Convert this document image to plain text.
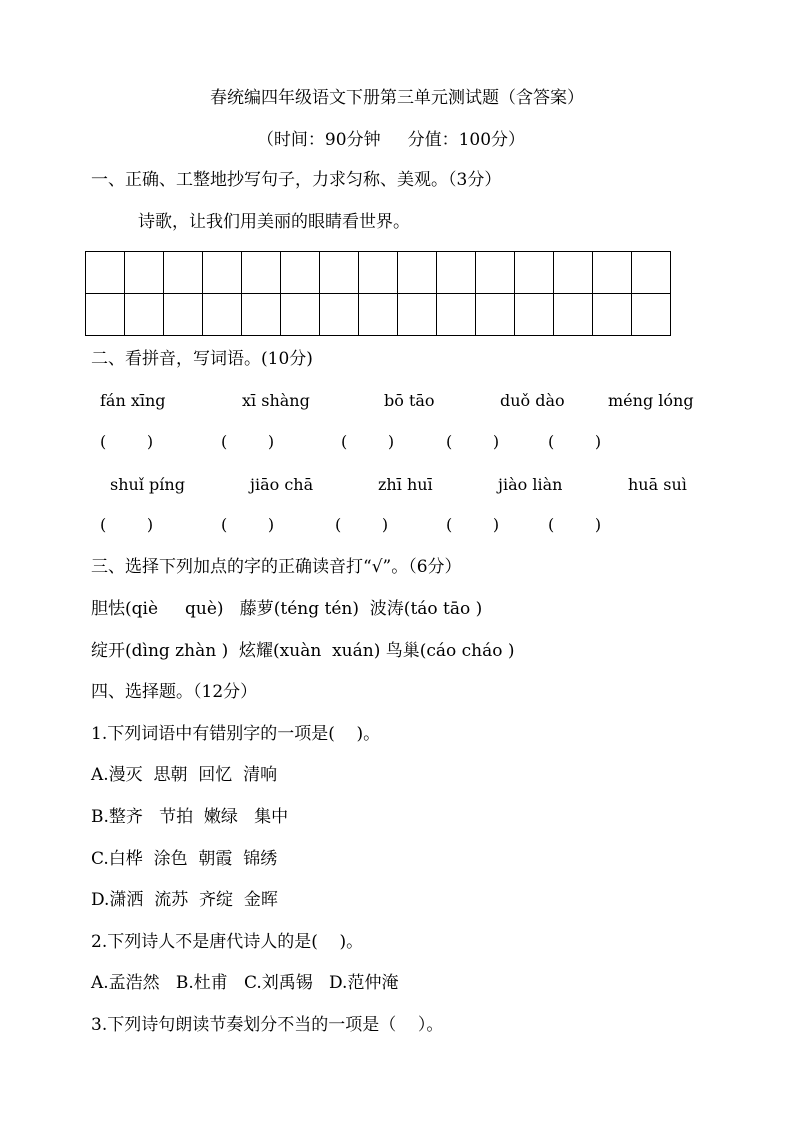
春统编四年级语文下册第三单元测试题（含答案）
（时间：90分钟     分值：100分）
一、正确、工整地抄写句子，力求匀称、美观。（3分）
诗歌，让我们用美丽的眼睛看世界。

二、看拼音，写词语。(10分)
fán xīng	xī shàng	bō tāo	duǒ dào	méng lóng
(        )	(        )	(        )	(        )	(        )
shuǐ píng	jiāo chā	zhī huī	jiào liàn	huā suì
(        )	(        )	(        )	(        )	(        )
三、选择下列加点的字的正确读音打“√”。（6分）
胆怯(qiè     què)   藤萝(téng tén)  波涛(táo tāo )
绽开(dìng zhàn )  炫耀(xuàn  xuán) 鸟巢(cáo cháo )
四、选择题。（12分）
1.下列词语中有错别字的一项是(    )。
A.漫灭  思朝  回忆  清响
B.整齐   节拍  嫩绿   集中
C.白桦  涂色  朝霞  锦绣
D.潇洒  流苏  齐绽  金晖
2.下列诗人不是唐代诗人的是(    )。
A.孟浩然   B.杜甫   C.刘禹锡   D.范仲淹
3.下列诗句朗读节奏划分不当的一项是（    ）。
